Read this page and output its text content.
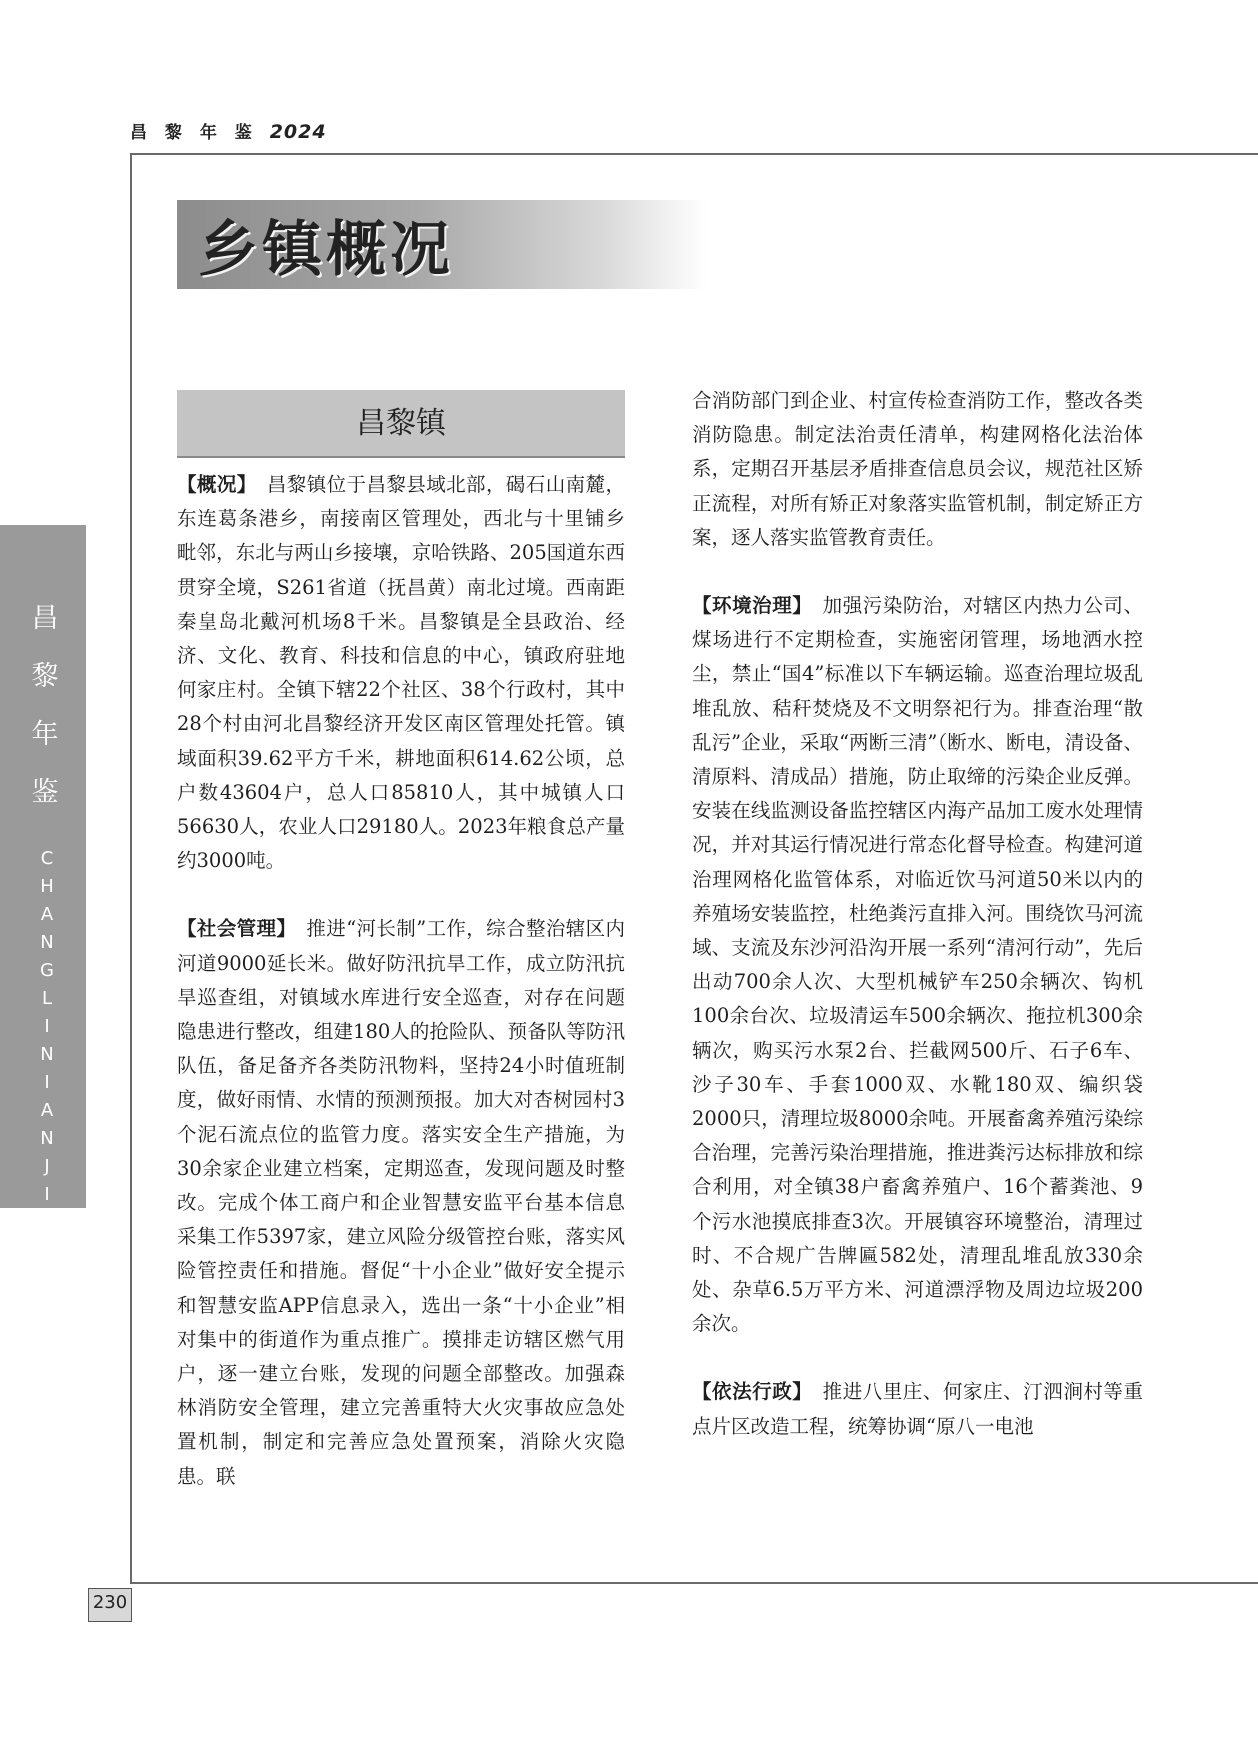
昌 黎 年 鉴 2024
昌
黎
年
鉴
C
H
A
N
G
L
I
N
I
A
N
J
I
A
N
乡镇概况
昌黎镇

【概况】  昌黎镇位于昌黎县域北部，碣石山南麓，东连葛条港乡，南接南区管理处，西北与十里铺乡毗邻，东北与两山乡接壤，京哈铁路、205国道东西贯穿全境，S261省道（抚昌黄）南北过境。西南距秦皇岛北戴河机场8千米。昌黎镇是全县政治、经济、文化、教育、科技和信息的中心，镇政府驻地何家庄村。全镇下辖22个社区、38个行政村，其中28个村由河北昌黎经济开发区南区管理处托管。镇域面积39.62平方千米，耕地面积614.62公顷，总户数43604户，总人口85810人，其中城镇人口56630人，农业人口29180人。2023年粮食总产量约3000吨。

【社会管理】  推进“河长制”工作，综合整治辖区内河道9000延长米。做好防汛抗旱工作，成立防汛抗旱巡查组，对镇域水库进行安全巡查，对存在问题隐患进行整改，组建180人的抢险队、预备队等防汛队伍，备足备齐各类防汛物料，坚持24小时值班制度，做好雨情、水情的预测预报。加大对杏树园村3个泥石流点位的监管力度。落实安全生产措施，为30余家企业建立档案，定期巡查，发现问题及时整改。完成个体工商户和企业智慧安监平台基本信息采集工作5397家，建立风险分级管控台账，落实风险管控责任和措施。督促“十小企业”做好安全提示和智慧安监APP信息录入，选出一条“十小企业”相对集中的街道作为重点推广。摸排走访辖区燃气用户，逐一建立台账，发现的问题全部整改。加强森林消防安全管理，建立完善重特大火灾事故应急处置机制，制定和完善应急处置预案，消除火灾隐患。联

合消防部门到企业、村宣传检查消防工作，整改各类消防隐患。制定法治责任清单，构建网格化法治体系，定期召开基层矛盾排查信息员会议，规范社区矫正流程，对所有矫正对象落实监管机制，制定矫正方案，逐人落实监管教育责任。

【环境治理】  加强污染防治，对辖区内热力公司、煤场进行不定期检查，实施密闭管理，场地洒水控尘，禁止“国4”标准以下车辆运输。巡查治理垃圾乱堆乱放、秸秆焚烧及不文明祭祀行为。排查治理“散乱污”企业，采取“两断三清”（断水、断电，清设备、清原料、清成品）措施，防止取缔的污染企业反弹。安装在线监测设备监控辖区内海产品加工废水处理情况，并对其运行情况进行常态化督导检查。构建河道治理网格化监管体系，对临近饮马河道50米以内的养殖场安装监控，杜绝粪污直排入河。围绕饮马河流域、支流及东沙河沿沟开展一系列“清河行动”，先后出动700余人次、大型机械铲车250余辆次、钩机100余台次、垃圾清运车500余辆次、拖拉机300余辆次，购买污水泵2台、拦截网500斤、石子6车、沙子30车、手套1000双、水靴180双、编织袋2000只，清理垃圾8000余吨。开展畜禽养殖污染综合治理，完善污染治理措施，推进粪污达标排放和综合利用，对全镇38户畜禽养殖户、16个蓄粪池、9个污水池摸底排查3次。开展镇容环境整治，清理过时、不合规广告牌匾582处，清理乱堆乱放330余处、杂草6.5万平方米、河道漂浮物及周边垃圾200余次。

【依法行政】  推进八里庄、何家庄、汀泗涧村等重点片区改造工程，统筹协调“原八一电池

230
